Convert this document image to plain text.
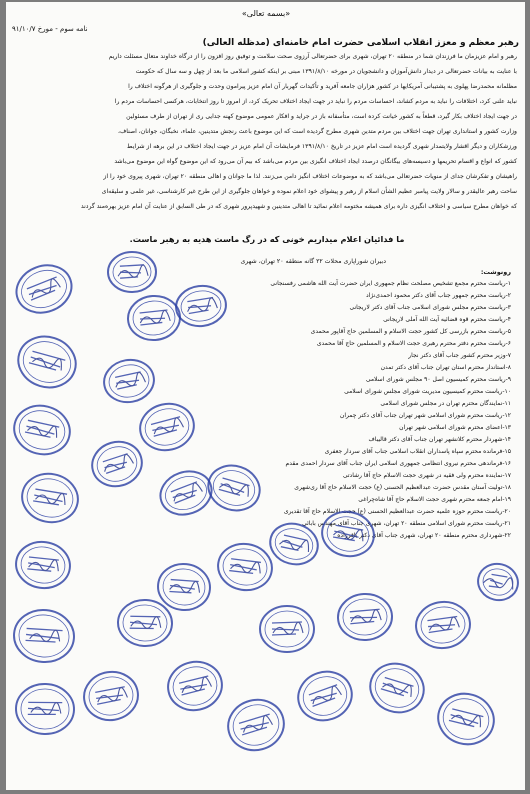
«بسمه تعالی»
نامه سوم - مورخ ۹۱/۱۰/۷
رهبر معظم و معزز انقلاب اسلامی حضرت امام خامنه‌ای (مدظله العالی)
رهبر و امام عزیزمان ما فرزندان شما در منطقه ۲۰ تهران، شهری برای حضرتعالی آرزوی صحت سلامت و توفیق روز افزون را از درگاه خداوند متعال مسئلت داریم
با عنایت به بیانات حضرتعالی در دیدار دانش‌آموزان و دانشجویان در مورخه ۱۳۹۱/۸/۱۰ مبنی بر اینکه کشور اسلامی ما بعد از چهل و سه سال که حکومت
مظلمانه محمدرضا پهلوی به پشتیبانی آمریکایها در کشور هزاران جامعه آفرید و تأکیدات گهربار آن امام عزیز پیرامون وحدت و جلوگیری از هرگونه اختلاف را
نباید علنی کرد، اختلافات را نباید به مردم کشاند، احساسات مردم را نباید در جهت ایجاد اختلاف تحریک کرد، از امروز تا روز انتخابات، هرکسی احساسات مردم را
در جهت ایجاد اختلاف بکار گیرد، قطعاً به کشور خیانت کرده است، متأسفانه باز در جراید و افکار عمومی موضوع کهنه جدایی ری از تهران از طرف مسئولین
وزارت کشور و استانداری تهران جهت اختلاف بین مردم متدین شهری مطرح گردیده است که این موضوع باعث رنجش متدینین، علماء، نخبگان، جوانان، اصناف،
ورزشکاران و دیگر اقشار ولایتمدار شهری گردیده است امام عزیز در تاریخ ۱۳۹۱/۸/۱۰ فرمایشات آن امام عزیز در جهت ایجاد اختلاف در این برهه از شرایط
کشور که انواع و اقسام تحریمها و دسیسه‌های بیگانگان درصدد ایجاد اختلاف انگیزی بین مردم می‌باشد که بیم آن می‌رود که این موضوع گواه این موضوع می‌باشد
راهیشان و تفکرشان جدای از منویات حضرتعالی می‌باشد که به موضوعات اختلاف انگیز دامن می‌زنند. لذا ما جوانان و اهالی منطقه ۲۰ تهران، شهری پیروی خود را از
ساحت رهبر عالیقدر و سالار ولایت پیامبر عظیم الشأن اسلام از رهبر و پیشوای خود اعلام نموده و خواهان جلوگیری از این طرح غیر کارشناسی، غیر علمی و سلیقه‌ای
که خواهان مطرح سیاسی و اختلاف انگیزی داره برای همیشه مختومه اعلام نمائید تا اهالی متدینین و شهیدپرور شهری که در طی السابق از عنایت آن امام عزیز بهره‌مند گردند
ما فدائیان اعلام میداریم خونی که در رگ ماست هدیه به رهبر ماست.
دبیران شوراپاری محلات ۲۲ گانه منطقه ۲۰ تهران، شهری
رونوشت:
۱-ریاست محترم مجمع تشخیص مصلحت نظام جمهوری ایران حضرت آیت الله هاشمی رفسنجانی
۲-ریاست محترم جمهور جناب آقای دکتر محمود احمدی‌نژاد
۳-ریاست محترم مجلس شورای اسلامی جناب آقای دکتر لاریجانی
۴-ریاست محترم قوه قضائیه آیت الله آملی لاریجانی
۵-ریاست محترم بازرسی کل کشور حجت الاسلام و المسلمین حاج آقاپور محمدی
۶-ریاست محترم دفتر محترم رهبری حجت الاسلام و المسلمین حاج آقا محمدی
۷-وزیر محترم کشور جناب آقای دکتر نجار
۸-استاندار محترم استان تهران جناب آقای دکتر تمدن
۹-ریاست محترم کمیسیون اصل ۹۰ مجلس شورای اسلامی
۱۰-ریاست محترم کمیسیون مدیریت شورای مجلس شورای اسلامی
۱۱-نمایندگان محترم تهران در مجلس شورای اسلامی
۱۲-ریاست محترم شورای اسلامی شهر تهران جناب آقای دکتر چمران
۱۳-اعضای محترم شورای اسلامی شهر تهران
۱۴-شهردار محترم کلانشهر تهران جناب آقای دکتر قالیباف
۱۵-فرمانده محترم سپاه پاسداران انقلاب اسلامی جناب آقای سردار جعفری
۱۶-فرماندهی محترم نیروی انتظامی جمهوری اسلامی ایران جناب آقای سردار احمدی مقدم
۱۷-نماینده محترم ولی فقیه در شهری حجت الاسلام حاج آقا رشادتی
۱۸-تولیت آستان مقدس حضرت عبدالعظیم الحسنی (ع) حجت الاسلام حاج آقا ری‌شهری
۱۹-امام جمعه محترم شهری حجت الاسلام حاج آقا شاه‌چراغی
۲۰-ریاست محترم حوزه علمیه حضرت عبدالعظیم الحسنی (ع) حجت الاسلام حاج آقا تقدیری
۲۱-ریاست محترم شورای اسلامی منطقه ۲۰ تهران، شهری جناب آقای مهندس بابائی
۲۲-شهرداری محترم منطقه ۲۰ تهران، شهری جناب آقای دکتر باقرزاده
